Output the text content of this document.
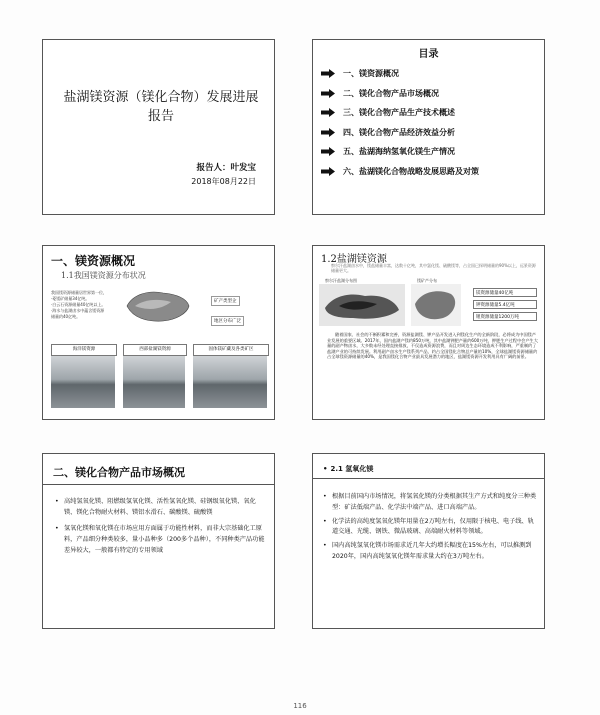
盐湖镁资源（镁化合物）发展进展报告
报告人：叶发宝
2018年08月22日
目录
一、镁资源概况
二、镁化合物产品市场概况
三、镁化合物产品生产技术概述
四、镁化合物产品经济效益分析
五、盐湖海纳氢氧化镁生产情况
六、盐湖镁化合物战略发展思路及对策
一、镁资源概况
1.1我国镁资源分布状况
我国镁资源储量居世界第一位，
·菱镁矿储量34亿吨。
·白云石资源储量40亿吨以上。
·海水与盐湖卤水中蕴含镁资源
储量约40亿吨。
矿产类型企
地区分布广泛
海洋镁资源	西部盐湖镁资源	固体镁矿藏及各类矿区
1.2盐湖镁资源
察尔汗盐湖卤水中，镁盐储量丰富，达数十亿吨，其中氯化镁、硫酸镁等，占全国已探明储量的90%以上，远景资源储量更大。
察尔汗盐湖分布图	镁矿产分布
镁资源储量40亿吨
钾资源储量5.4亿吨
锂资源储量1200万吨
随着国家、社会的不断积累和完善，资源盐湖镁、钾产品开发进入到镁化生产的全新阶段，必将成为中国镁产业发展的重要区域。2017年，国内盐湖产镁约850万吨，其中盐湖钾肥产量约600万吨，钾肥生产过程中会产生大量的副产物卤水，大多数未经处理直接排放，不仅造成资源浪费，而且对周边生态环境造成不利影响，严重制约了盐湖产业的可持续发展。利用副产卤水生产镁系列产品，约占全国镁化合物总产量的10%，全球盐湖镁资源储量约占全球镁资源储量的40%，是我国镁化合物产业最具发展潜力的地区，盐湖镁资源开发利用具有广阔的前景。
二、镁化合物产品市场概况
• 高纯氢氧化镁、阻燃级氢氧化镁、活性氢氧化镁、硅钢级氧化镁、氧化镁、镁化合物耐火材料、镁铝水滑石、碳酸镁、硫酸镁
• 氢氧化镁和氧化镁在市场应用方面属于功能性材料，而非大宗基础化工原料，产品细分种类较多，量小品种多（200多个品种），不同种类产品功能差异较大，一般都有特定的专用领域
• 2.1 氢氧化镁
• 根据目前国内市场情况，将氢氧化镁的分类根据其生产方式和纯度分三种类型：矿法低端产品、化学法中端产品、进口高端产品。
• 化学法的高纯度氢氧化镁年用量在2万吨左右，仅用限于核电、电子线、轨道交通、光缆、钢铁、微晶玻璃、高端耐火材料等领域。
• 国内高纯氢氧化镁市场需求近几年大约增长幅度在15%左右，可以推测到2020年，国内高纯氢氧化镁年需求量大约在3万吨左右。
116
